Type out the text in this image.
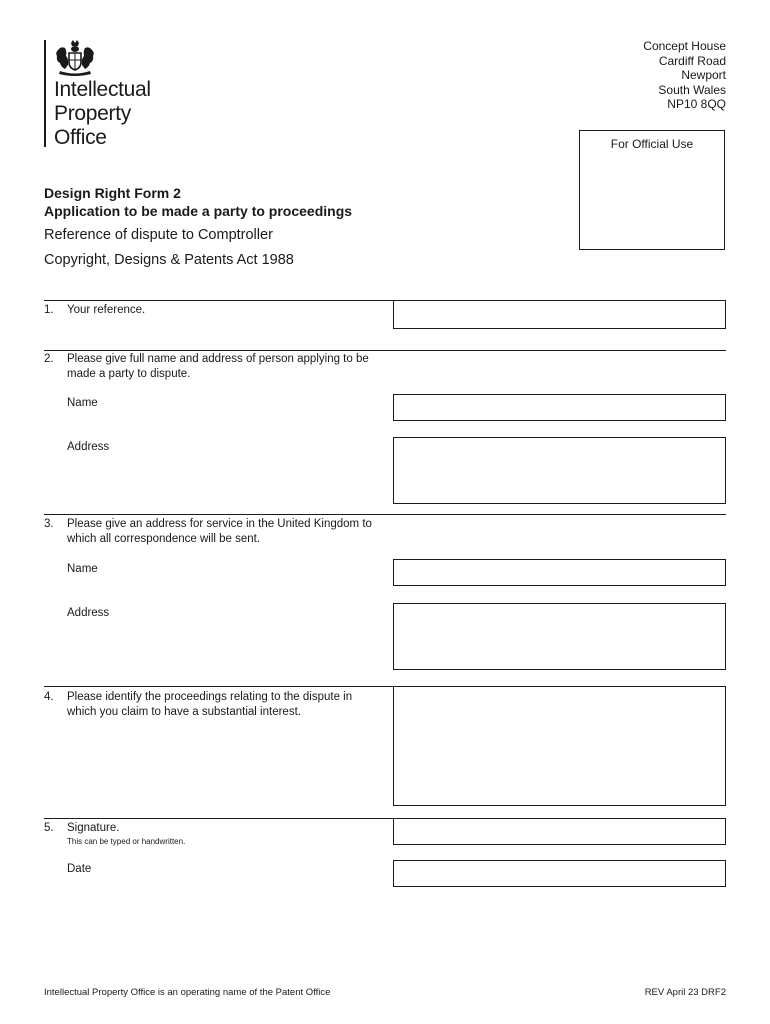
Intellectual
Property
Office
Concept House
Cardiff Road
Newport
South Wales
NP10 8QQ
For Official Use
Design Right Form 2
Application to be made a party to proceedings
Reference of dispute to Comptroller
Copyright, Designs & Patents Act 1988
1. Your reference.
2. Please give full name and address of person applying to be made a party to dispute.
Name
Address
3. Please give an address for service in the United Kingdom to which all correspondence will be sent.
Name
Address
4. Please identify the proceedings relating to the dispute in which you claim to have a substantial interest.
5. Signature.
This can be typed or handwritten.
Date
Intellectual Property Office is an operating name of the Patent Office	REV April 23 DRF2
